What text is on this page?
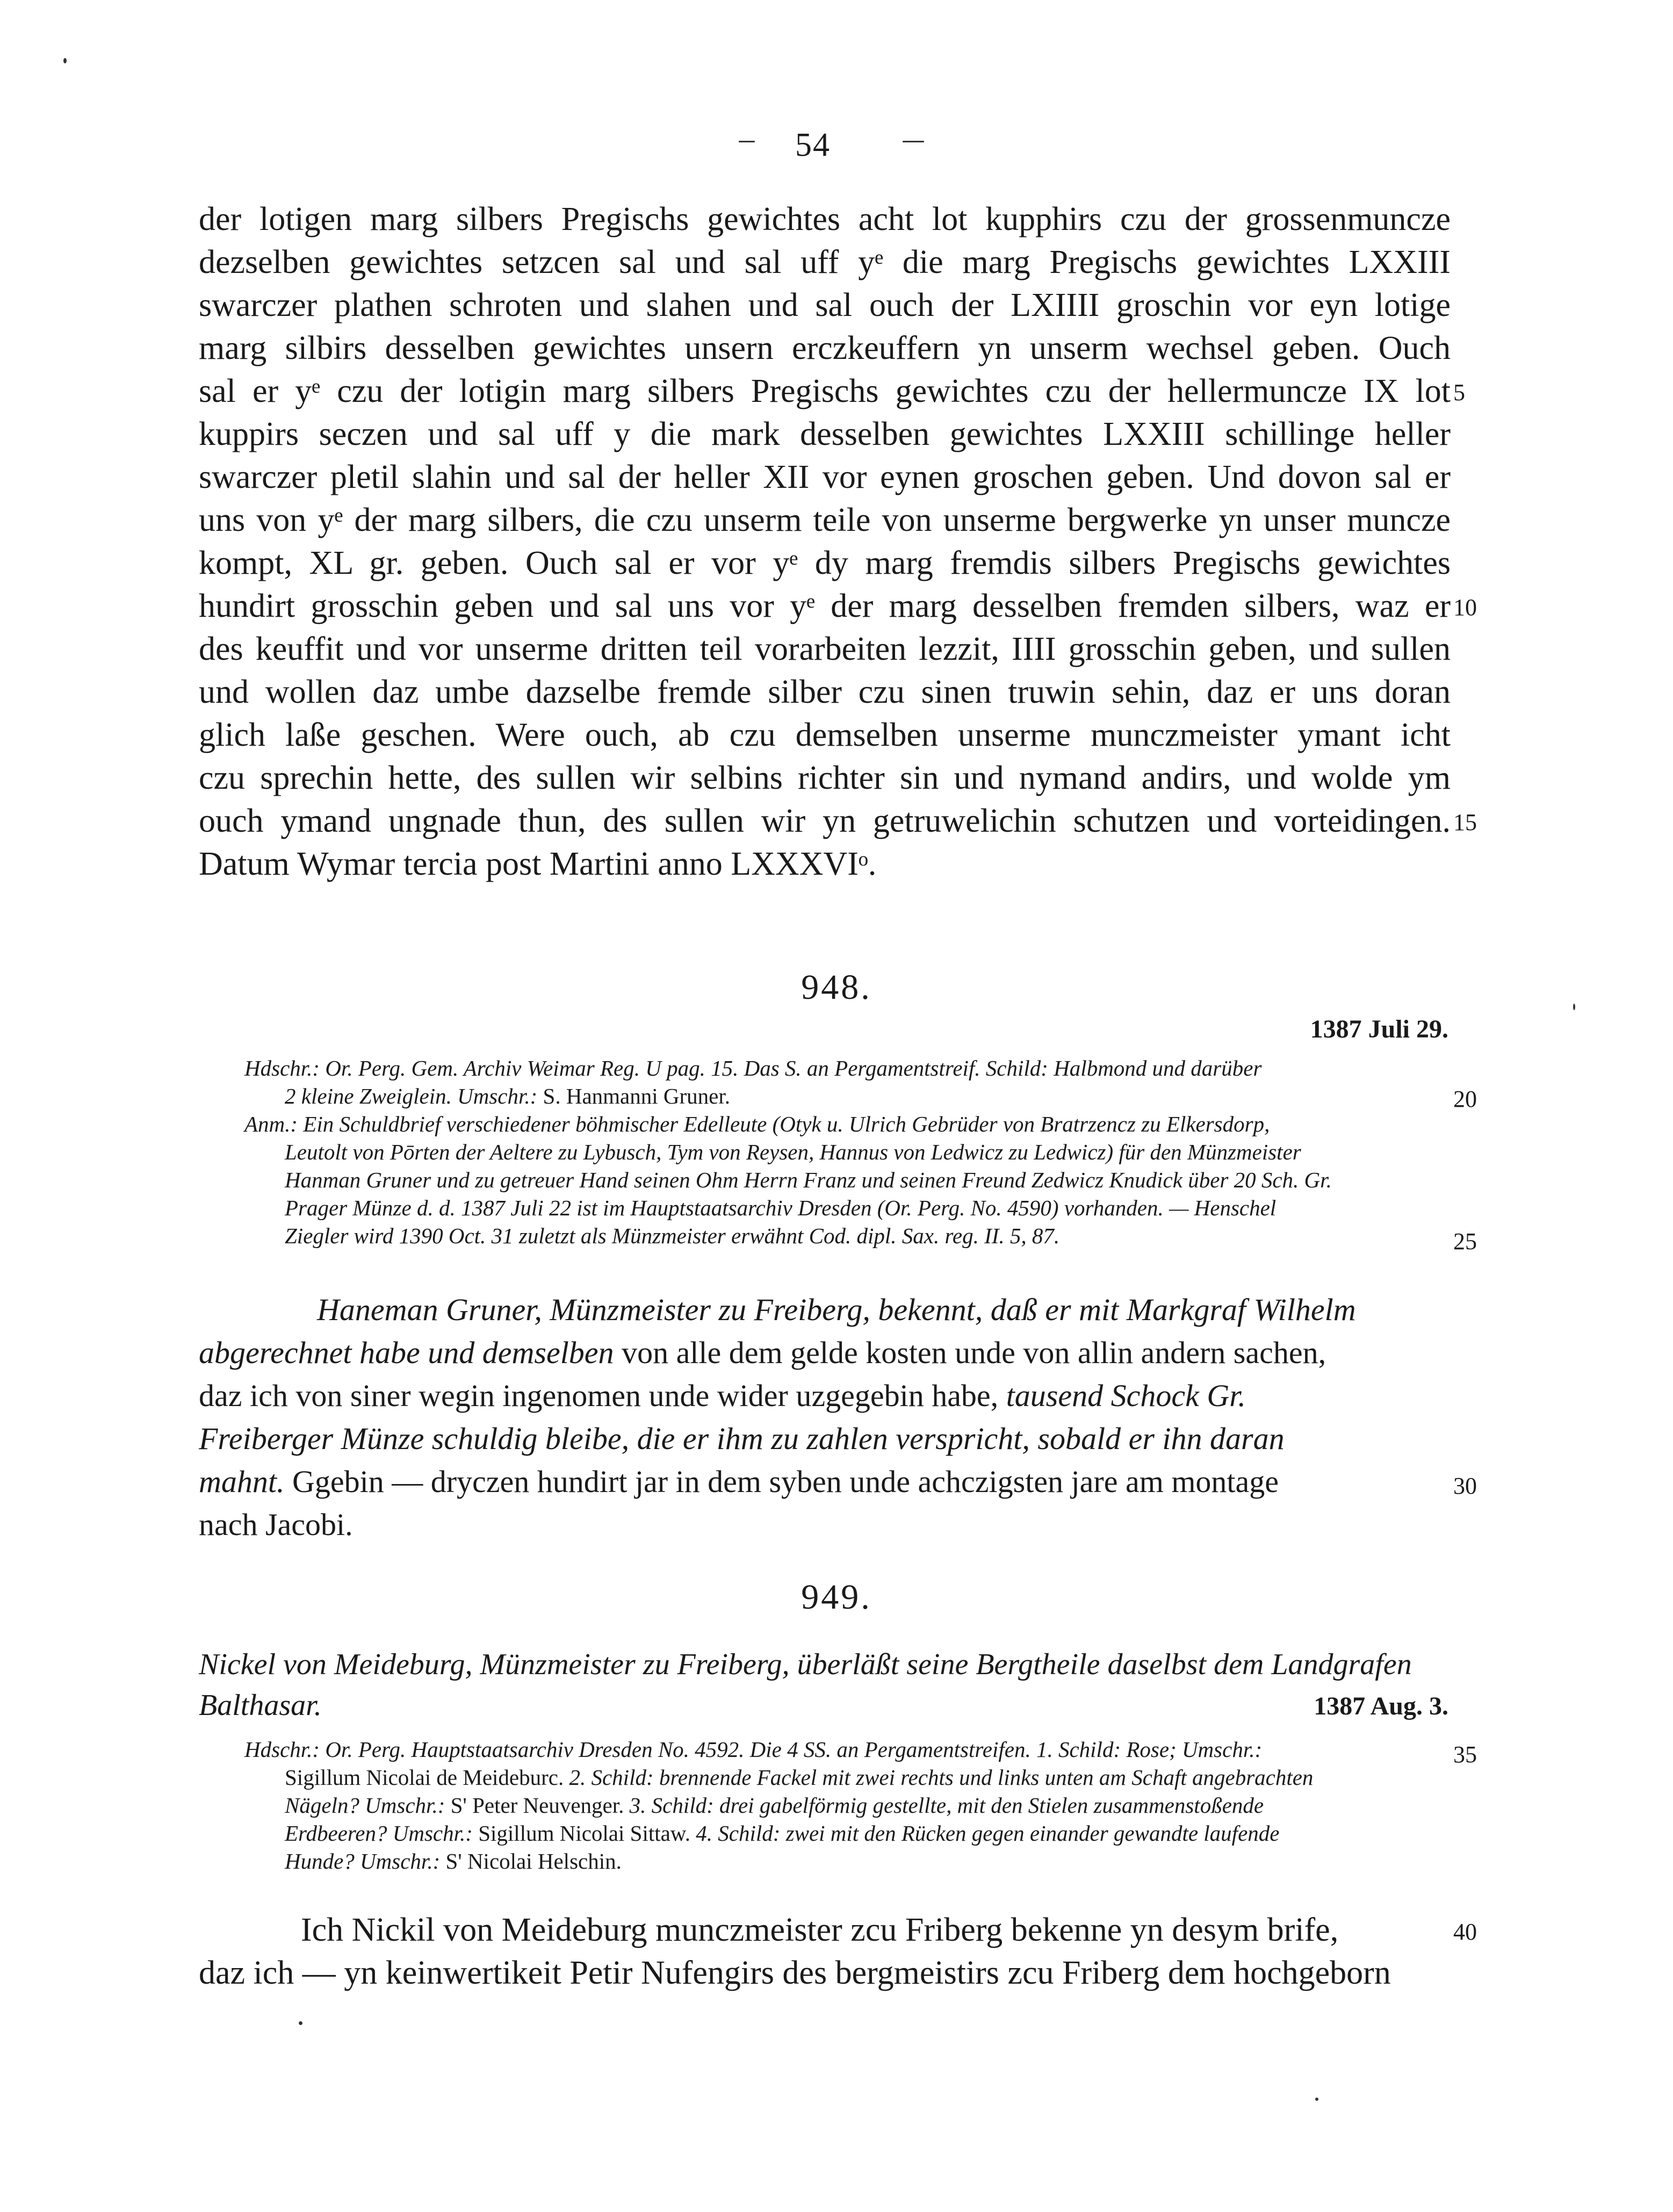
54
der lotigen marg silbers Pregischs gewichtes acht lot kupphirs czu der grossenmuncze
dezselben gewichtes setzcen sal und sal uff yᵉ die marg Pregischs gewichtes LXXIII
swarczer plathen schroten und slahen und sal ouch der LXIIII groschin vor eyn lotige
marg silbirs desselben gewichtes unsern erczkeuffern yn unserm wechsel geben. Ouch
sal er yᵉ czu der lotigin marg silbers Pregischs gewichtes czu der hellermuncze IX lot
kuppirs seczen und sal uff y die mark desselben gewichtes LXXIII schillinge heller
swarczer pletil slahin und sal der heller XII vor eynen groschen geben. Und dovon sal er
uns von yᵉ der marg silbers, die czu unserm teile von unserme bergwerke yn unser muncze
kompt, XL gr. geben. Ouch sal er vor yᵉ dy marg fremdis silbers Pregischs gewichtes
hundirt grosschin geben und sal uns vor yᵉ der marg desselben fremden silbers, waz er
des keuffit und vor unserme dritten teil vorarbeiten lezzit, IIII grosschin geben, und sullen
und wollen daz umbe dazselbe fremde silber czu sinen truwin sehin, daz er uns doran
glich laße geschen. Were ouch, ab czu demselben unserme munczmeister ymant icht
czu sprechin hette, des sullen wir selbins richter sin und nymand andirs, und wolde ym
ouch ymand ungnade thun, des sullen wir yn getruwelichin schutzen und vorteidingen.
Datum Wymar tercia post Martini anno LXXXVIᵒ.
5
10
15
948.
1387 Juli 29.
Hdschr.: Or. Perg. Gem. Archiv Weimar Reg. U pag. 15. Das S. an Pergamentstreif. Schild: Halbmond und darüber
2 kleine Zweiglein. Umschr.: S. Hanmanni Gruner.
Anm.: Ein Schuldbrief verschiedener böhmischer Edelleute (Otyk u. Ulrich Gebrüder von Bratrzencz zu Elkersdorp,
Leutolt von Pōrten der Aeltere zu Lybusch, Tym von Reysen, Hannus von Ledwicz zu Ledwicz) für den Münzmeister
Hanman Gruner und zu getreuer Hand seinen Ohm Herrn Franz und seinen Freund Zedwicz Knudick über 20 Sch. Gr.
Prager Münze d. d. 1387 Juli 22 ist im Hauptstaatsarchiv Dresden (Or. Perg. No. 4590) vorhanden. — Henschel
Ziegler wird 1390 Oct. 31 zuletzt als Münzmeister erwähnt Cod. dipl. Sax. reg. II. 5, 87.
20
25
Haneman Gruner, Münzmeister zu Freiberg, bekennt, daß er mit Markgraf Wilhelm
abgerechnet habe und demselben von alle dem gelde kosten unde von allin andern sachen,
daz ich von siner wegin ingenomen unde wider uzgegebin habe, tausend Schock Gr.
Freiberger Münze schuldig bleibe, die er ihm zu zahlen verspricht, sobald er ihn daran
mahnt. Ggebin — dryczen hundirt jar in dem syben unde achczigsten jare am montage
nach Jacobi.
30
949.
Nickel von Meideburg, Münzmeister zu Freiberg, überläßt seine Bergtheile daselbst dem Landgrafen
Balthasar.	1387 Aug. 3.
Hdschr.: Or. Perg. Hauptstaatsarchiv Dresden No. 4592. Die 4 SS. an Pergamentstreifen. 1. Schild: Rose; Umschr.:
Sigillum Nicolai de Meideburc. 2. Schild: brennende Fackel mit zwei rechts und links unten am Schaft angebrachten
Nägeln? Umschr.: S' Peter Neuvenger. 3. Schild: drei gabelförmig gestellte, mit den Stielen zusammenstoßende
Erdbeeren? Umschr.: Sigillum Nicolai Sittaw. 4. Schild: zwei mit den Rücken gegen einander gewandte laufende
Hunde? Umschr.: S' Nicolai Helschin.
35
Ich Nickil von Meideburg munczmeister zcu Friberg bekenne yn desym brife,
daz ich — yn keinwertikeit Petir Nufengirs des bergmeistirs zcu Friberg dem hochgeborn
40
